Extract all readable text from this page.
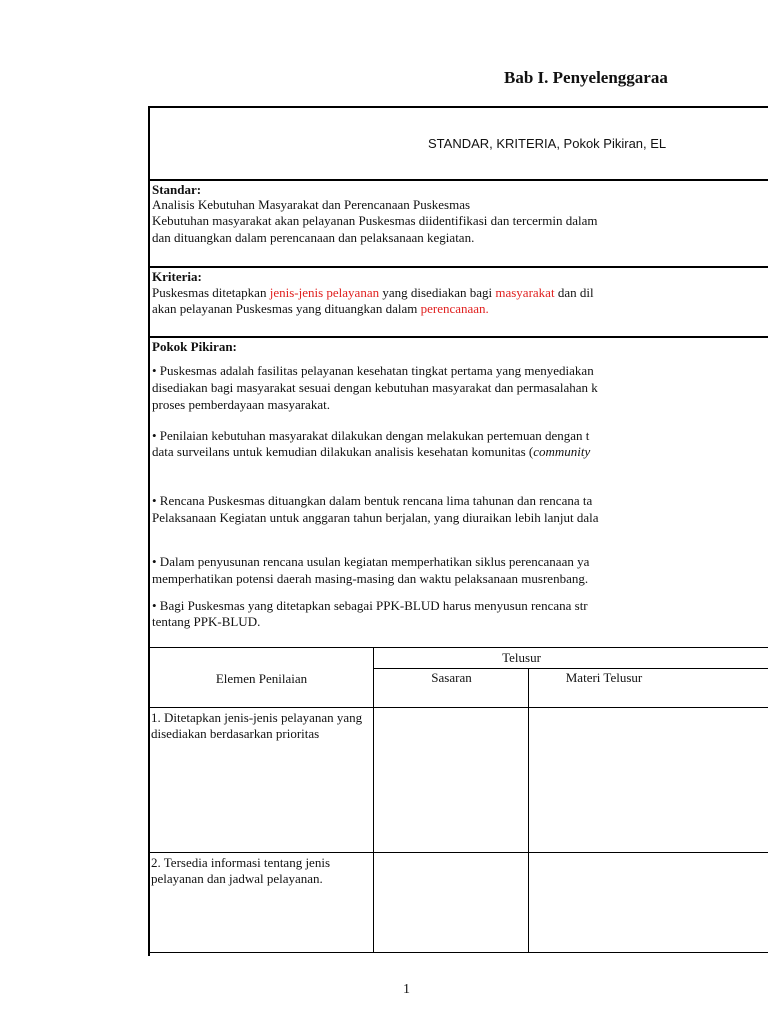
Bab I. Penyelenggaraa
STANDAR, KRITERIA, Pokok Pikiran, EL
Standar:
Analisis Kebutuhan Masyarakat dan Perencanaan Puskesmas
Kebutuhan masyarakat akan pelayanan Puskesmas diidentifikasi dan tercermin dalam
dan dituangkan dalam perencanaan dan pelaksanaan kegiatan.
Kriteria:
Puskesmas ditetapkan jenis-jenis pelayanan yang disediakan bagi masyarakat dan dil
akan pelayanan Puskesmas yang dituangkan dalam perencanaan.
Pokok Pikiran:
• Puskesmas adalah fasilitas pelayanan kesehatan tingkat pertama yang menyediakan
disediakan bagi masyarakat sesuai dengan kebutuhan masyarakat dan permasalahan k
proses pemberdayaan masyarakat.
• Penilaian kebutuhan masyarakat dilakukan dengan melakukan pertemuan dengan t
data surveilans untuk kemudian dilakukan analisis kesehatan komunitas (community
• Rencana Puskesmas dituangkan dalam bentuk rencana lima tahunan dan rencana ta
Pelaksanaan Kegiatan untuk anggaran tahun berjalan, yang diuraikan lebih lanjut dala
• Dalam penyusunan rencana usulan kegiatan memperhatikan siklus perencanaan ya
memperhatikan potensi daerah masing-masing dan waktu pelaksanaan musrenbang.
• Bagi Puskesmas yang ditetapkan sebagai PPK-BLUD harus menyusun rencana str
tentang PPK-BLUD.
Elemen Penilaian
Telusur
Sasaran	Materi Telusur
1. Ditetapkan jenis-jenis pelayanan yang disediakan berdasarkan prioritas
2. Tersedia informasi tentang jenis pelayanan dan jadwal pelayanan.
1
